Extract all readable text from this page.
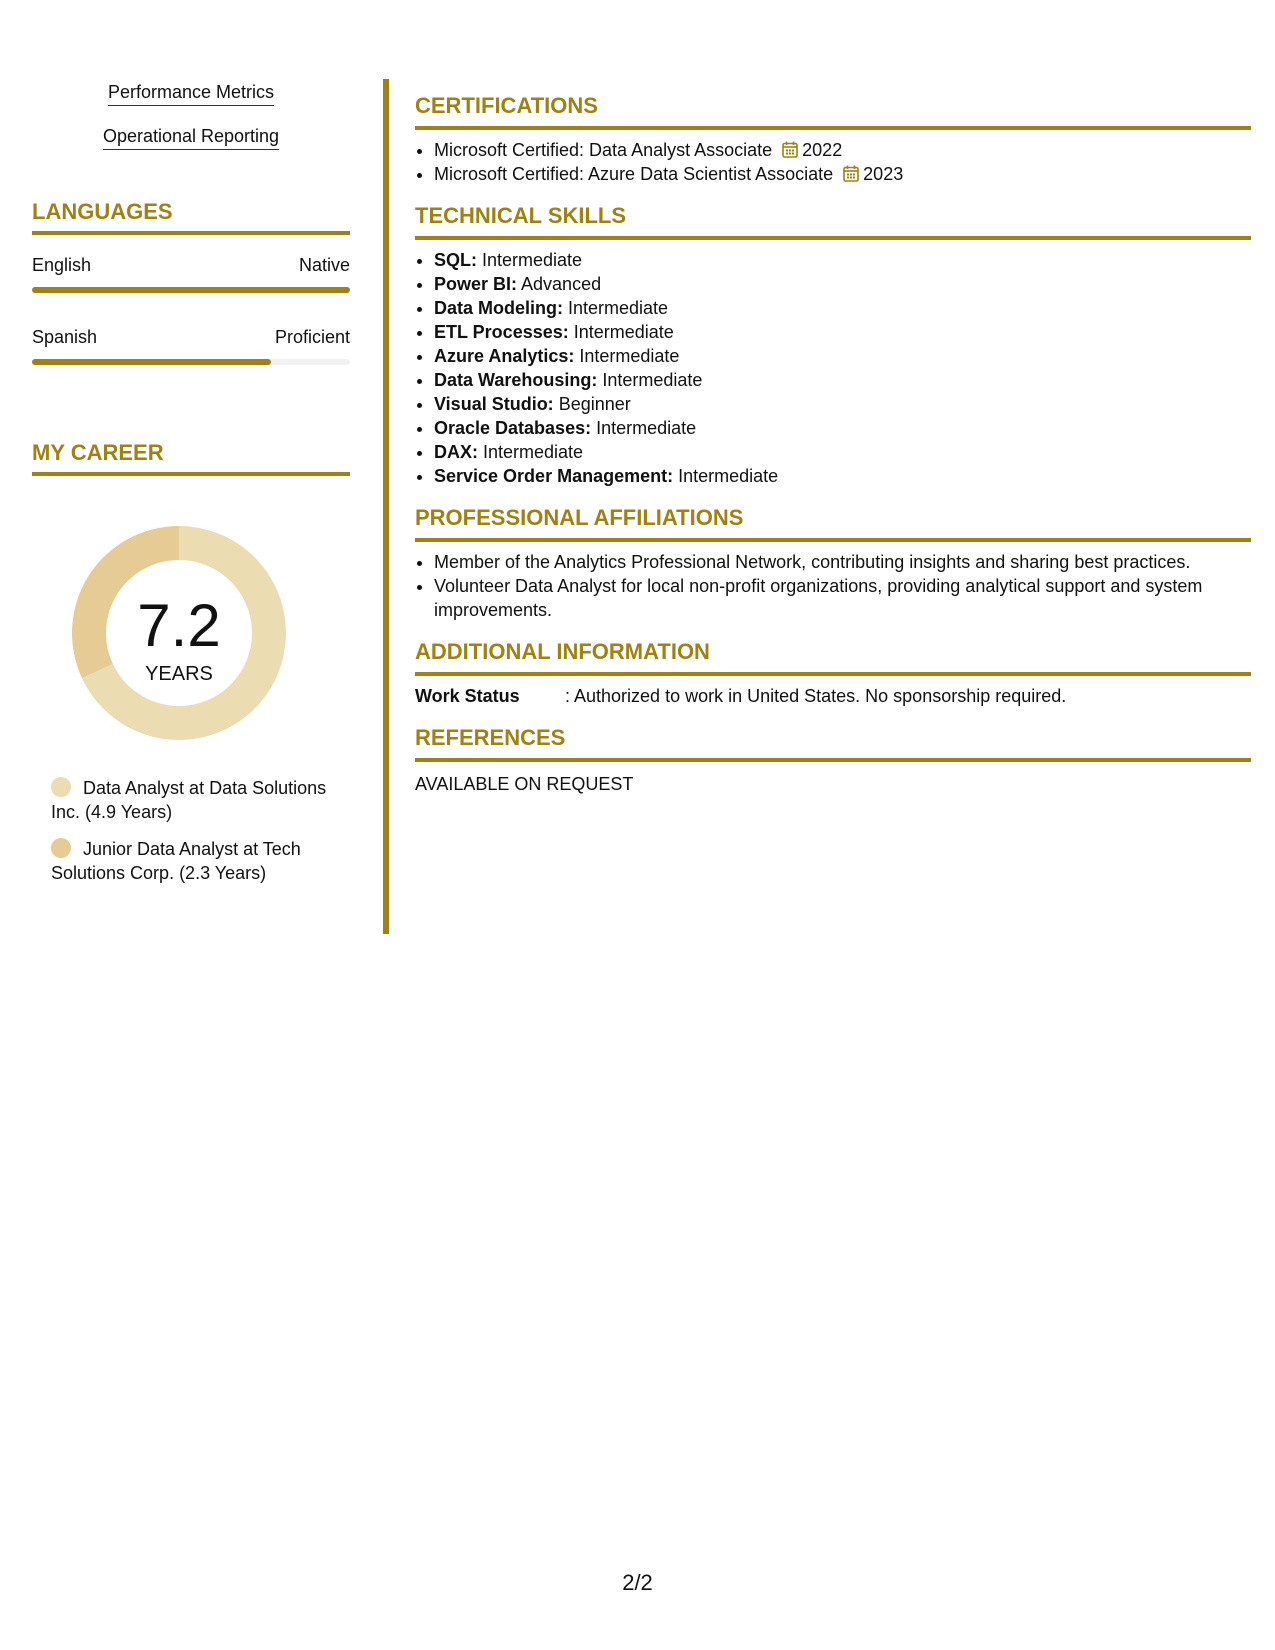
Performance Metrics
Operational Reporting
LANGUAGES
English	Native
Spanish	Proficient
MY CAREER
7.2
YEARS
Data Analyst at Data Solutions Inc. (4.9 Years)
Junior Data Analyst at Tech Solutions Corp. (2.3 Years)
CERTIFICATIONS
• Microsoft Certified: Data Analyst Associate 2022
• Microsoft Certified: Azure Data Scientist Associate 2023
TECHNICAL SKILLS
• SQL: Intermediate
• Power BI: Advanced
• Data Modeling: Intermediate
• ETL Processes: Intermediate
• Azure Analytics: Intermediate
• Data Warehousing: Intermediate
• Visual Studio: Beginner
• Oracle Databases: Intermediate
• DAX: Intermediate
• Service Order Management: Intermediate
PROFESSIONAL AFFILIATIONS
• Member of the Analytics Professional Network, contributing insights and sharing best practices.
• Volunteer Data Analyst for local non-profit organizations, providing analytical support and system improvements.
ADDITIONAL INFORMATION
Work Status	: Authorized to work in United States. No sponsorship required.
REFERENCES
AVAILABLE ON REQUEST
2/2
